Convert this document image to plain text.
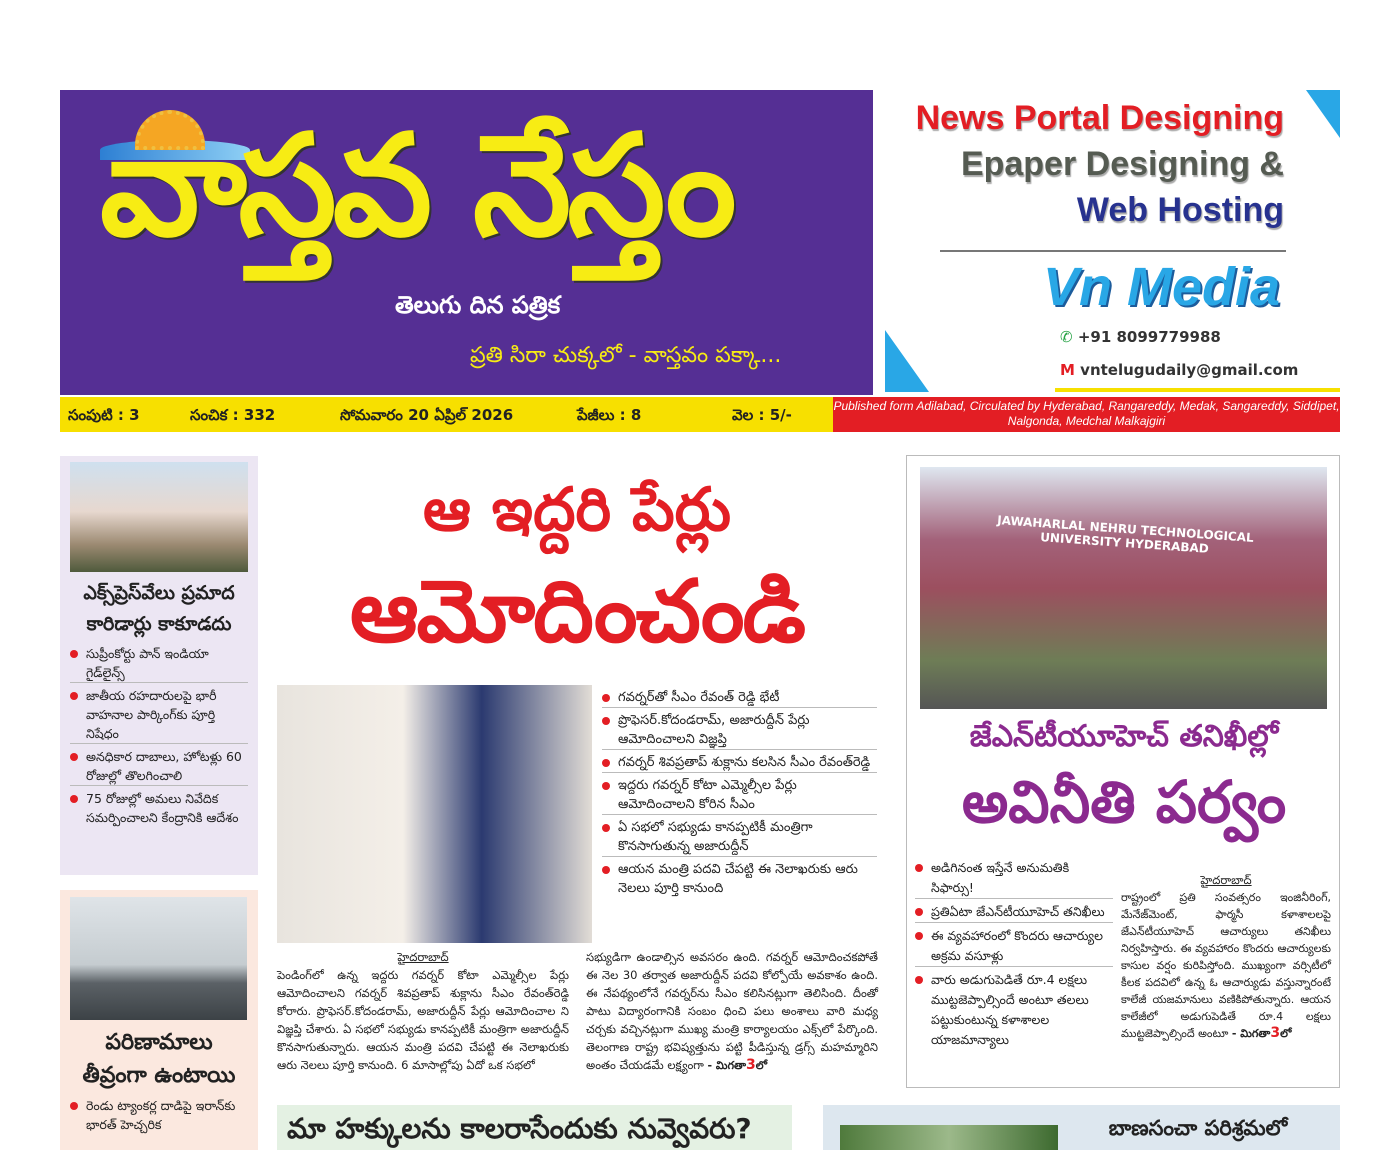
వాస్తవ నేస్తం
తెలుగు దిన పత్రిక
ప్రతి సిరా చుక్కలో - వాస్తవం పక్కా...
News Portal Designing
Epaper Designing &
Web Hosting
Vn Media
✆ +91 8099779988
M vntelugudaily@gmail.com
సంపుటి : 3	సంచిక : 332	సోమవారం 20 ఏప్రిల్ 2026	పేజీలు : 8	వెల : 5/-	Published form Adilabad, Circulated by Hyderabad, Rangareddy, Medak, Sangareddy, Siddipet, Nalgonda, Medchal Malkajgiri
ఎక్స్‌ప్రెస్‌వేలు ప్రమాద కారిడార్లు కాకూడదు
సుప్రీంకోర్టు పాన్ ఇండియా గైడ్‌లైన్స్
జాతీయ రహదారులపై భారీ వాహనాల పార్కింగ్‌కు పూర్తి నిషేధం
అనధికార దాబాలు, హోటళ్లు 60 రోజుల్లో తొలగించాలి
75 రోజుల్లో అమలు నివేదిక సమర్పించాలని కేంద్రానికి ఆదేశం
పరిణామాలు తీవ్రంగా ఉంటాయి
రెండు ట్యాంకర్ల దాడిపై ఇరాన్‌కు భారత్ హెచ్చరిక
ఆ ఇద్దరి పేర్లు
ఆమోదించండి
గవర్నర్‌తో సీఎం రేవంత్ రెడ్డి భేటీ
ప్రొఫెసర్.కోదండరామ్, అజారుద్దీన్ పేర్లు ఆమోదించాలని విజ్ఞప్తి
గవర్నర్ శివప్రతాప్ శుక్లాను కలసిన సీఎం రేవంత్‌రెడ్డి
ఇద్దరు గవర్నర్ కోటా ఎమ్మెల్సీల పేర్లు ఆమోదించాలని కోరిన సీఎం
ఏ సభలో సభ్యుడు కానప్పటికీ మంత్రిగా కొనసాగుతున్న అజారుద్దీన్
ఆయన మంత్రి పదవి చేపట్టి ఈ నెలాఖరుకు ఆరు నెలలు పూర్తి కానుంది
హైదరాబాద్
పెండింగ్‌లో ఉన్న ఇద్దరు గవర్నర్ కోటా ఎమ్మెల్సీల పేర్లు ఆమోదించాలని గవర్నర్ శివప్రతాప్ శుక్లాను సీఎం రేవంత్‌రెడ్డి కోరారు. ప్రొఫెసర్.కోదండరామ్, అజారుద్దీన్ పేర్లు ఆమోదించాల ని విజ్ఞప్తి చేశారు. ఏ సభలో సభ్యుడు కానప్పటికీ మంత్రిగా అజారుద్దీన్ కొనసాగుతున్నారు. ఆయన మంత్రి పదవి చేపట్టి ఈ నెలాఖరుకు ఆరు నెలలు పూర్తి కానుంది. 6 మాసాల్లోపు ఏదో ఒక సభలో
సభ్యుడిగా ఉండాల్సిన అవసరం ఉంది. గవర్నర్ ఆమోదించకపోతే ఈ నెల 30 తర్వాత అజారుద్దీన్ పదవి కోల్పోయే అవకాశం ఉంది. ఈ నేపథ్యంలోనే గవర్నర్‌ను సీఎం కలిసినట్లుగా తెలిసింది. దీంతో పాటు విద్యారంగానికి సంబం ధించి పలు అంశాలు వారి మధ్య చర్చకు వచ్చినట్లుగా ముఖ్య మంత్రి కార్యాలయం ఎక్స్‌లో పేర్కొంది. తెలంగాణ రాష్ట్ర భవిష్యత్తును పట్టి పీడిస్తున్న డ్రగ్స్ మహమ్మారిని అంతం చేయడమే లక్ష్యంగా - మిగతా3లో
JAWAHARLAL NEHRU TECHNOLOGICAL UNIVERSITY HYDERABAD
జేఎన్‌టీయూహెచ్ తనిఖీల్లో
అవినీతి పర్వం
అడిగినంత ఇస్తేనే అనుమతికి సిఫార్సు!
ప్రతిఏటా జేఎన్‌టీయూహెచ్ తనిఖీలు
ఈ వ్యవహారంలో కొందరు ఆచార్యుల అక్రమ వసూళ్లు
వారు అడుగుపెడితే రూ.4 లక్షలు ముట్టజెప్పాల్సిందే అంటూ తలలు పట్టుకుంటున్న కళాశాలల యాజమాన్యాలు
హైదరాబాద్
రాష్ట్రంలో ప్రతి సంవత్సరం ఇంజినీరింగ్, మేనేజ్‌మెంట్, ఫార్మసీ కళాశాలలపై జేఎన్‌టీయూహెచ్ ఆచార్యులు తనిఖీలు నిర్వహిస్తారు. ఈ వ్యవహారం కొందరు ఆచార్యులకు కాసుల వర్షం కురిపిస్తోంది. ముఖ్యంగా వర్సిటీలో కీలక పదవిలో ఉన్న ఓ ఆచార్యుడు వస్తున్నారంటే కాలేజీ యజమానులు వణికిపోతున్నారు. ఆయన కాలేజీలో అడుగుపెడితే రూ.4 లక్షలు ముట్టజెప్పాల్సిందే అంటూ - మిగతా3లో
మా హక్కులను కాలరాసేందుకు నువ్వెవరు?	బాణసంచా పరిశ్రమలో
